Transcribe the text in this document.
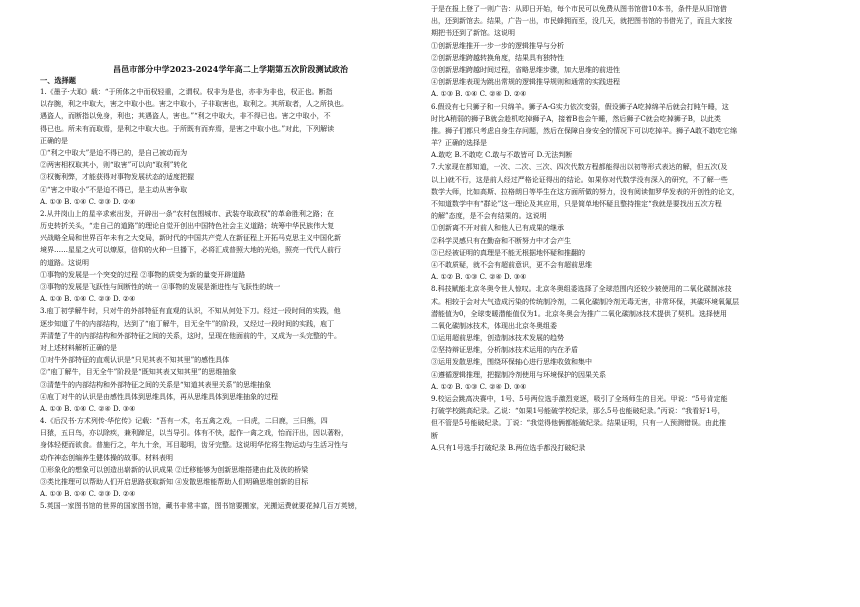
昌邑市部分中学2023-2024学年高二上学期第五次阶段测试政治
一、选择题
1.《墨子·大取》载：“于所体之中而权轻重，之谓权。权非为是也，亦非为非也，权正也。断指
以存腕，利之中取大，害之中取小也。害之中取小，子非取害也，取利之。其所取者，人之所执也。
遇盗人，而断指以免身，利也；其遇盗人，害也。”“利之中取大，非不得已也。害之中取小，不
得已也。所未有而取焉，是利之中取大也。于所既有而弃焉，是害之中取小也。”对此，下列解读
正确的是
①“利之中取大”是迫不得已的，是自己被动而为
②两害相权取其小，则“取害”可以向“取利”转化
③权衡利弊，才能获得对事物发展状态的适度把握
④“害之中取小”不是迫不得已，是主动从害争取
A. ①③ B. ①④ C. ②③ D. ②④
2.从井岗山上的星辛求索出发，开辟出一条“农村包围城市、武装夺取政权”的革命胜利之路；在
历史转折关头，“走自己的道路”的理论自觉开创出中国特色社会主义道路；统筹中华民族伟大复
兴战略全局和世界百年未有之大变局，新时代的中国共产党人在新征程上开拓马克思主义中国化新
境界……星星之火可以燎原，信仰的火种一旦播下，必将汇成普照大地的光焰，照亮一代代人前行
的道路。这说明
①事物的发展是一个突变的过程 ②事物的质变为新的量变开辟道路
③事物的发展是飞跃性与间断性的统一 ④事物的发展是渐进性与飞跃性的统一
A. ①③ B. ①④ C. ②③ D. ②④
3.庖丁初学解牛时，只对牛的外部特征有直观的认识，不知从何处下刀。经过一段时间的实践，他
逐步知道了牛的内部结构，达到了“庖丁解牛，目无全牛”的阶段，又经过一段时间的实践，庖丁
弄清楚了牛的内部结构和外部特征之间的关系，这时，呈现在他面前的牛，又成为一头完整的牛。
对上述材料解析正确的是
①对牛外部特征的直观认识是“只见其表不知其里”的感性具体
②“庖丁解牛，目无全牛”阶段是“既知其表又知其里”的思维抽象
③清楚牛的内部结构和外部特征之间的关系是“知道其表里关系”的思维抽象
④庖丁对牛的认识是由感性具体到思维具体，再从思维具体到思维抽象的过程
A. ①③ B. ①④ C. ②④ D. ③④
4.《后汉书·方术列传·华佗传》记载：“吾有一术，名五禽之戏，一曰虎，二曰鹿，三曰熊，四
曰猿，五曰鸟，亦以除疾，兼利蹄足，以当导引。体有不快，起作一禽之戏，怡而汗出，因以著粉，
身体轻便而欲食。普施行之，年九十余，耳目聪明，齿牙完整。这说明华佗将生物运动与生活习性与
动作神态创编养生健体操的故事。材料表明
①形象化的想象可以创造出崭新的认识成果 ②迁移能够为创新思维搭建由此及彼的桥梁
③类比推理可以帮助人们开启思路获取新知 ④发散思维能帮助人们明确思维创新的目标
A. ①③ B. ①④ C. ②③ D. ②④
5.英国一家图书馆的世界的国家图书馆，藏书非常丰富，图书馆要搬家，光搬运费就要花掉几百万英镑，
于是在报上登了一则广告：从即日开始，每个市民可以免费从图书馆借10本书，条件是从旧馆借
出，还到新馆去。结果，广告一出，市民蜂拥而至，没几天，就把图书馆的书借光了，而且大家按
期把书还到了新馆。这说明
①创新思维推开一步一步的逻辑推导与分析
②创新思维跨越转换角度，结果具有独特性
③创新思维跨越时间过程，省略思维步骤，加大思维的前进性
④创新思维表现为跳出常规的逻辑推导规则和通常的实践进程
A. ①③ B. ①④ C. ②④ D. ②④
6.假设有七只狮子和一只绵羊。狮子A-G实力依次变弱，假设狮子A吃掉绵羊后就会打盹午睡，这
时比A稍弱的狮子B就会趁机吃掉狮子A，接着B也会午睡，然后狮子C就会吃掉狮子B，以此类
推。狮子们都只考虑自身生存问题，然后在保障自身安全的情况下可以吃掉羊。狮子A敢不敢吃它绵
羊？正确的选择是
A.敢吃 B.不敢吃 C.敢与不敢皆可 D.无法判断
7.大家现在都知道，一次、二次、三次、四次代数方程都能得出以初等形式表达的解，但五次(及
以上)就不行，这是前人经过严格论证得出的结论。如果你对代数学没有深入的研究，不了解一些
数学大师，比如高斯、拉格朗日等毕生在这方面所做的努力，没有阅读伽罗华发表的开创性的论文，
不知道数学中有“群论”这一理论及其应用，只是简单地怀疑且整持推定“我就是要找出五次方程
的解”态度，是不会有结果的。这说明
①创新离不开对前人和他人已有成果的继承
②科学灵感只有在勤奋和不断努力中才会产生
③已经被证明的真理是不能无根据地怀疑和推翻的
④不敢质疑，就不会有超前意识，更不会有超前思维
A. ①② B. ①③ C. ②④ D. ③④
8.科技赋能北京冬奥令世人惊叹。北京冬奥组委选择了全球范围内还较少被使用的二氧化碳制冰技
术。相较于会对大气造成污染的传统制冷剂，二氧化碳制冷剂无毒无害，非常环保，其碳环境氧氟层
潜能值为0，全球变暖潜能值仅为1。北京冬奥会为推广二氧化碳制冰技术提供了契机。选择使用
二氧化碳制冰技术，体现出北京冬奥组委
①运用超前思维，创造制冰技术发展的趋势
②坚持辩证思维，分析制冰技术运用的内在矛盾
③运用发散思维，围绕环保轴心进行思维收敛和集中
④遵循逻辑推理，把握制冷剂使用与环境保护的因果关系
A. ①② B. ①③ C. ②④ D. ③④
9.校运会跳高决赛中，1号、5号两位选手激烈竞逐，吸引了全场师生的目光。甲说：“5号肯定能
打破学校跳高纪录。乙说：“如果1号能破学校纪录，那么5号也能破纪录。”丙说：“我看好1号，
但不管是5号能破纪录。丁说：“我觉得他俩都能破纪录。结果证明，只有一人预测错误。由此推
断
A.只有1号选手打破纪录 B.两位选手都没打破纪录
